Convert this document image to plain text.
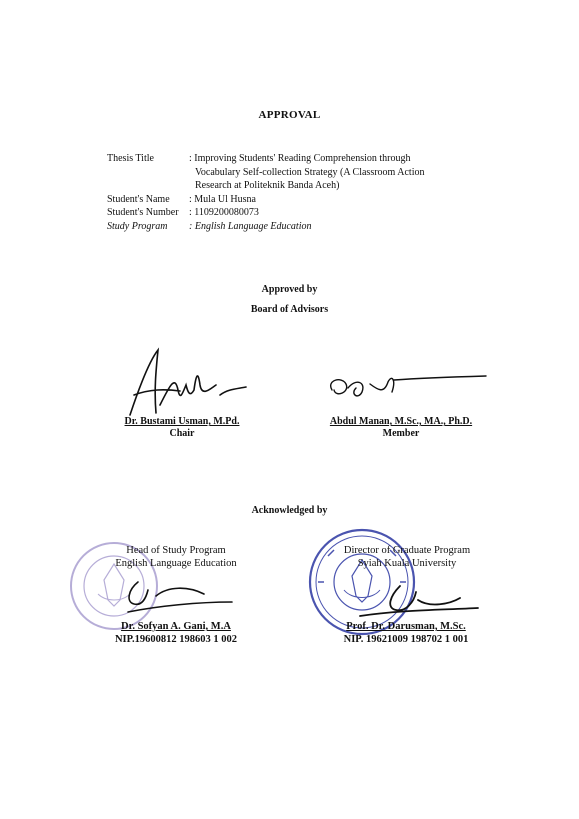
APPROVAL
Thesis Title	: Improving Students' Reading Comprehension through
Vocabulary Self-collection Strategy (A Classroom Action
Research at Politeknik Banda Aceh)
Student's Name	: Mula Ul Husna
Student's Number	: 1109200080073
Study Program	: English Language Education
Approved by
Board of Advisors
Dr. Bustami Usman, M.Pd.
Chair
Abdul Manan, M.Sc., MA., Ph.D.
Member
Acknowledged by
Head of Study Program
English Language Education
Director of Graduate Program
Syiah Kuala University
Dr. Sofyan A. Gani, M.A
NIP.19600812 198603 1 002
Prof. Dr. Darusman, M.Sc.
NIP. 19621009 198702 1 001
